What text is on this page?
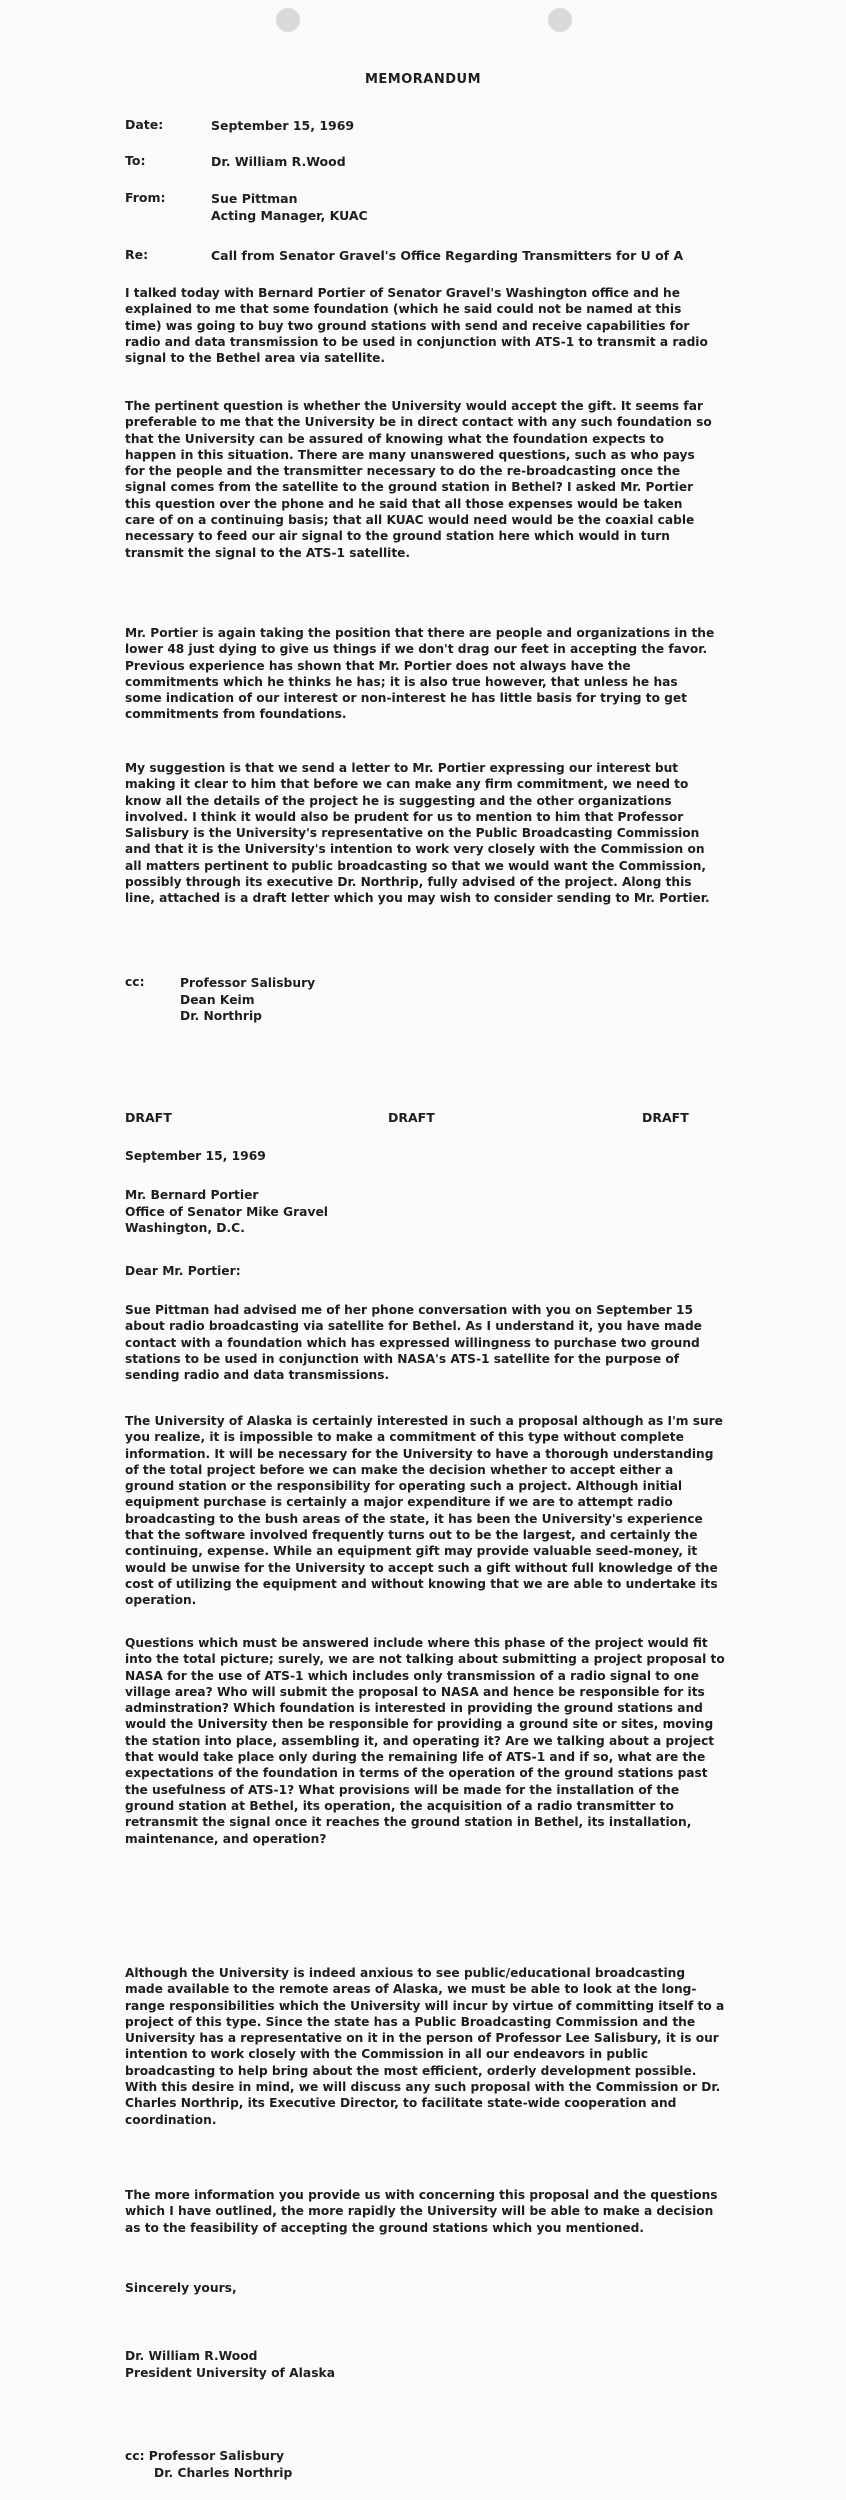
MEMORANDUM
Date:	September 15, 1969
To:	Dr. William R.Wood
From:	Sue Pittman
Acting Manager, KUAC
Re:	Call from Senator Gravel's Office Regarding Transmitters for U of A

I talked today with Bernard Portier of Senator Gravel's Washington office and he explained to me that some foundation (which he said could not be named at this time) was going to buy two ground stations with send and receive capabilities for radio and data transmission to be used in conjunction with ATS-1 to transmit a radio signal to the Bethel area via satellite.

The pertinent question is whether the University would accept the gift. It seems far preferable to me that the University be in direct contact with any such foundation so that the University can be assured of knowing what the foundation expects to happen in this situation. There are many unanswered questions, such as who pays for the people and the transmitter necessary to do the re-broadcasting once the signal comes from the satellite to the ground station in Bethel? I asked Mr. Portier this question over the phone and he said that all those expenses would be taken care of on a continuing basis; that all KUAC would need would be the coaxial cable necessary to feed our air signal to the ground station here which would in turn transmit the signal to the ATS-1 satellite.

Mr. Portier is again taking the position that there are people and organizations in the lower 48 just dying to give us things if we don't drag our feet in accepting the favor. Previous experience has shown that Mr. Portier does not always have the commitments which he thinks he has; it is also true however, that unless he has some indication of our interest or non-interest he has little basis for trying to get commitments from foundations.

My suggestion is that we send a letter to Mr. Portier expressing our interest but making it clear to him that before we can make any firm commitment, we need to know all the details of the project he is suggesting and the other organizations involved. I think it would also be prudent for us to mention to him that Professor Salisbury is the University's representative on the Public Broadcasting Commission and that it is the University's intention to work very closely with the Commission on all matters pertinent to public broadcasting so that we would want the Commission, possibly through its executive Dr. Northrip, fully advised of the project. Along this line, attached is a draft letter which you may wish to consider sending to Mr. Portier.

cc:	Professor Salisbury
Dean Keim
Dr. Northrip
DRAFT	DRAFT	DRAFT
September 15, 1969
Mr. Bernard Portier
Office of Senator Mike Gravel
Washington, D.C.
Dear Mr. Portier:

Sue Pittman had advised me of her phone conversation with you on September 15 about radio broadcasting via satellite for Bethel. As I understand it, you have made contact with a foundation which has expressed willingness to purchase two ground stations to be used in conjunction with NASA's ATS-1 satellite for the purpose of sending radio and data transmissions.

The University of Alaska is certainly interested in such a proposal although as I'm sure you realize, it is impossible to make a commitment of this type without complete information. It will be necessary for the University to have a thorough understanding of the total project before we can make the decision whether to accept either a ground station or the responsibility for operating such a project. Although initial equipment purchase is certainly a major expenditure if we are to attempt radio broadcasting to the bush areas of the state, it has been the University's experience that the software involved frequently turns out to be the largest, and certainly the continuing, expense. While an equipment gift may provide valuable seed-money, it would be unwise for the University to accept such a gift without full knowledge of the cost of utilizing the equipment and without knowing that we are able to undertake its operation.

Questions which must be answered include where this phase of the project would fit into the total picture; surely, we are not talking about submitting a project proposal to NASA for the use of ATS-1 which includes only transmission of a radio signal to one village area? Who will submit the proposal to NASA and hence be responsible for its adminstration? Which foundation is interested in providing the ground stations and would the University then be responsible for providing a ground site or sites, moving the station into place, assembling it, and operating it? Are we talking about a project that would take place only during the remaining life of ATS-1 and if so, what are the expectations of the foundation in terms of the operation of the ground stations past the usefulness of ATS-1? What provisions will be made for the installation of the ground station at Bethel, its operation, the acquisition of a radio transmitter to retransmit the signal once it reaches the ground station in Bethel, its installation, maintenance, and operation?

Although the University is indeed anxious to see public/educational broadcasting made available to the remote areas of Alaska, we must be able to look at the long-range responsibilities which the University will incur by virtue of committing itself to a project of this type. Since the state has a Public Broadcasting Commission and the University has a representative on it in the person of Professor Lee Salisbury, it is our intention to work closely with the Commission in all our endeavors in public broadcasting to help bring about the most efficient, orderly development possible. With this desire in mind, we will discuss any such proposal with the Commission or Dr. Charles Northrip, its Executive Director, to facilitate state-wide cooperation and coordination.

The more information you provide us with concerning this proposal and the questions which I have outlined, the more rapidly the University will be able to make a decision as to the feasibility of accepting the ground stations which you mentioned.

Sincerely yours,
Dr. William R.Wood
President University of Alaska
cc: Professor Salisbury
Dr. Charles Northrip
